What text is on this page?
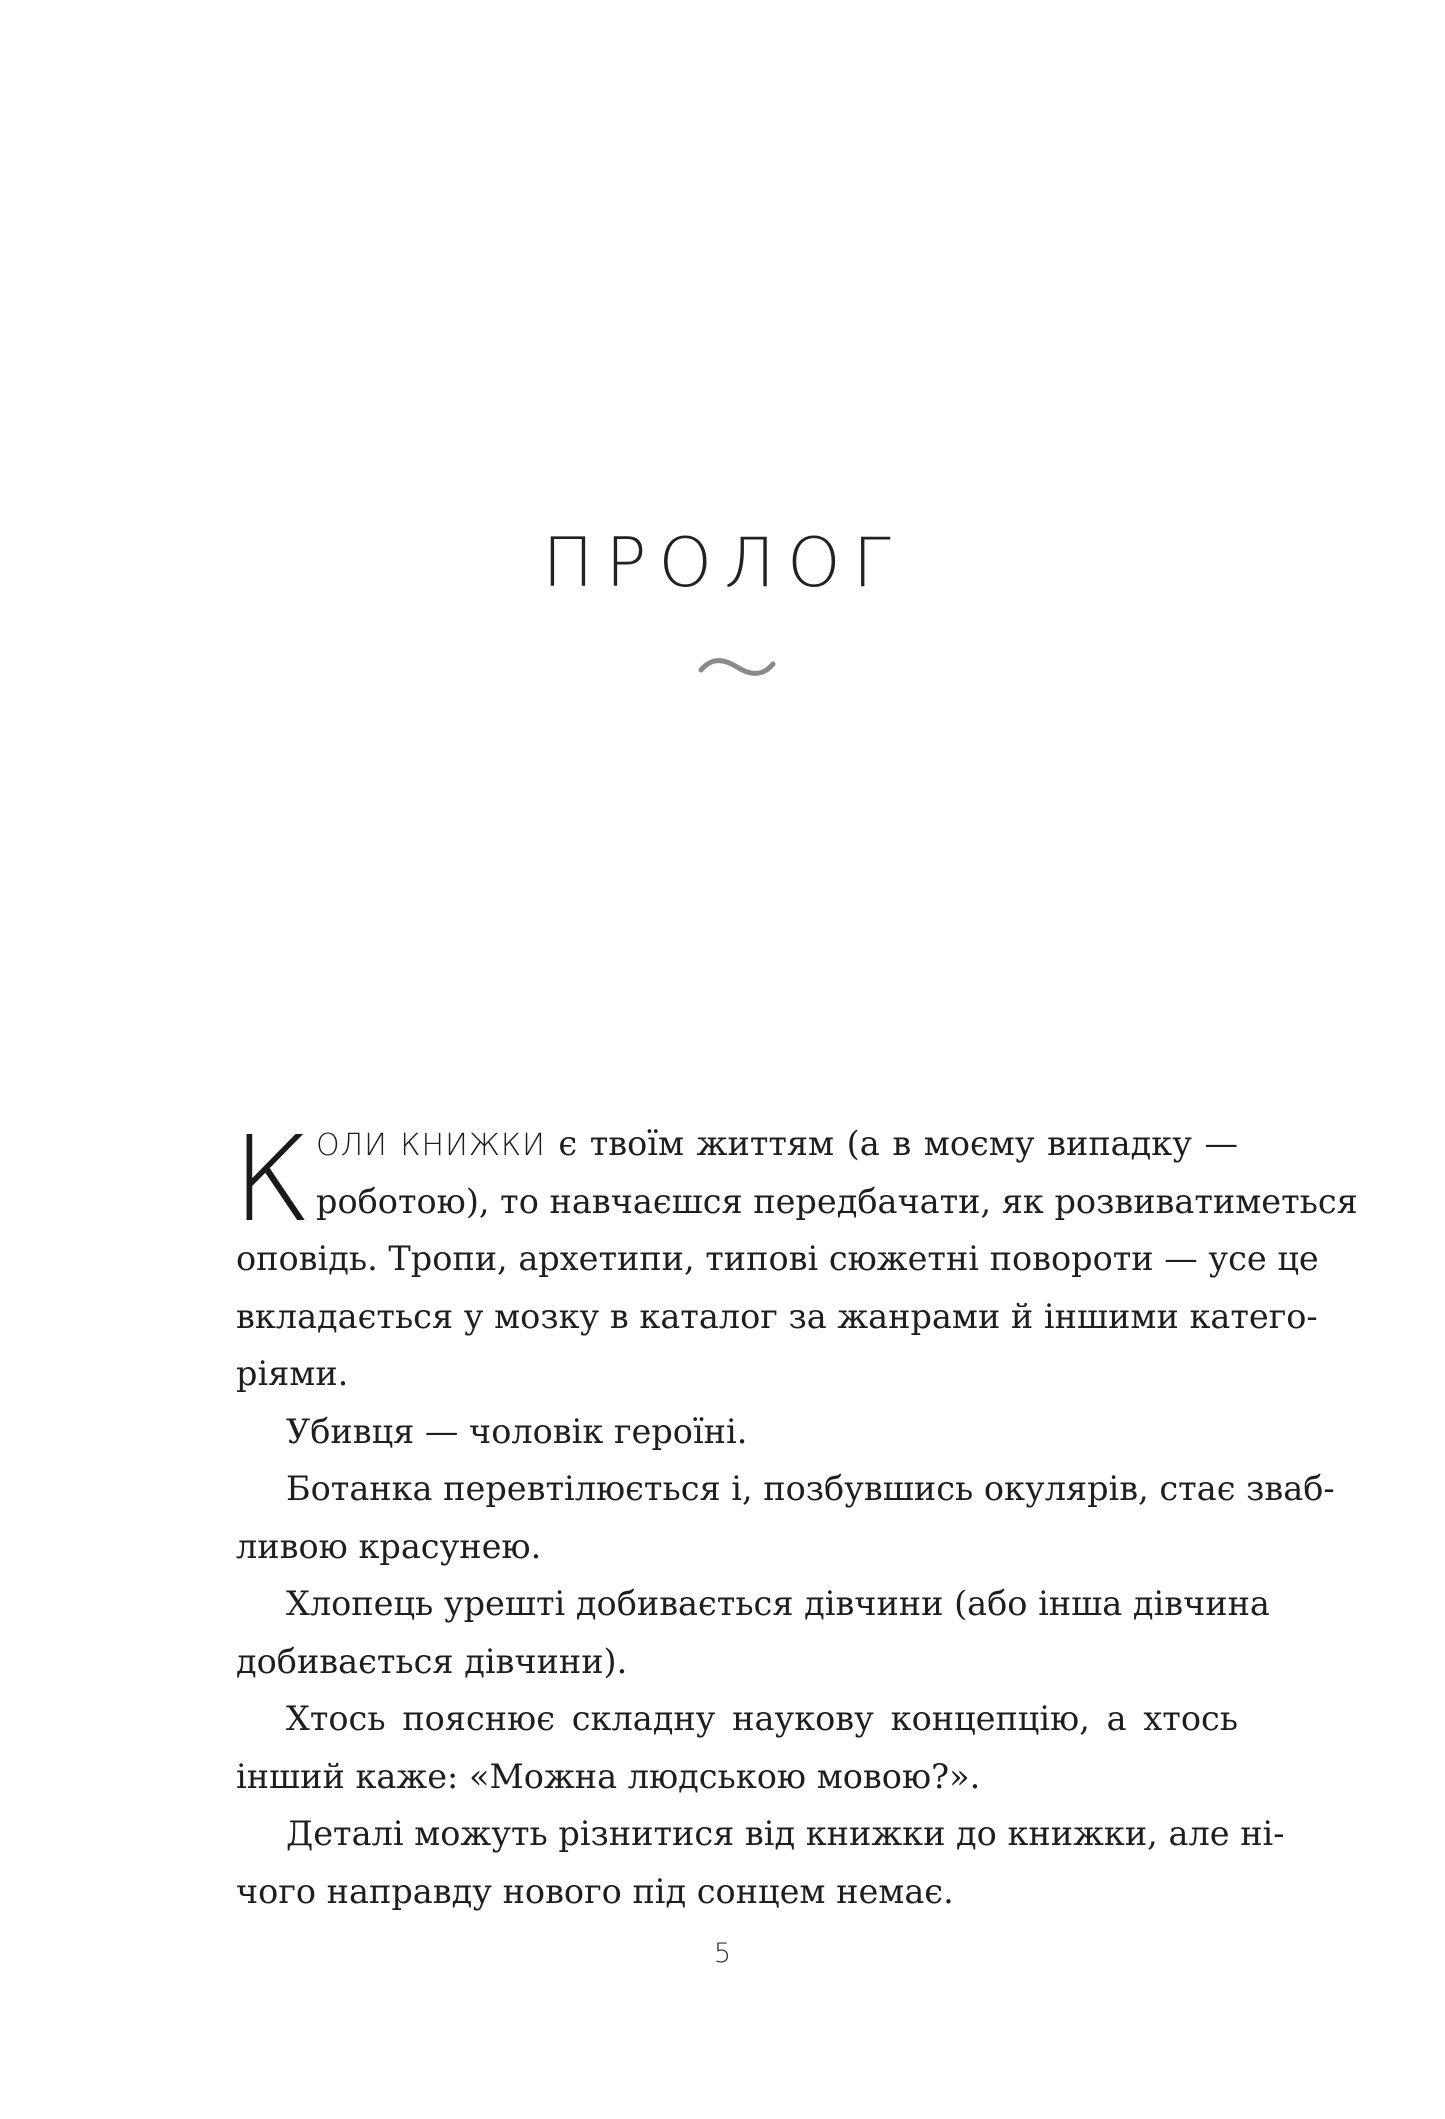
ПРОЛОГ
К ОЛИ КНИЖКИ є твоїм життям (а в моєму випадку —
роботою), то навчаєшся передбачати, як розвиватиметься
оповідь. Тропи, архетипи, типові сюжетні повороти — усе це
вкладається у мозку в каталог за жанрами й іншими катего-
ріями.
Убивця — чоловік героїні.
Ботанка перевтілюється і, позбувшись окулярів, стає зваб-
ливою красунею.
Хлопець урешті добивається дівчини (або інша дівчина
добивається дівчини).
Хтось пояснює складну наукову концепцію, а хтось
інший каже: «Можна людською мовою?».
Деталі можуть різнитися від книжки до книжки, але ні-
чого направду нового під сонцем немає.
5
